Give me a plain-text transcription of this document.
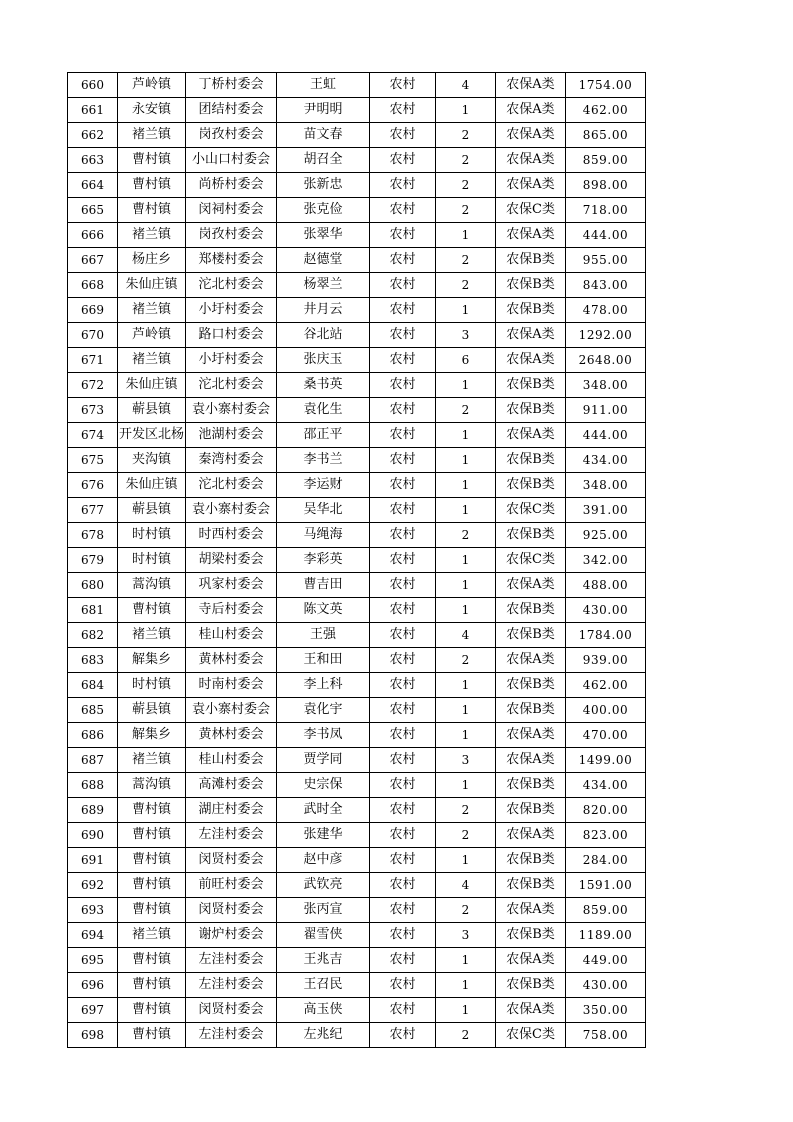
660	芦岭镇	丁桥村委会	王虹	农村	4	农保A类	1754.00
661	永安镇	团结村委会	尹明明	农村	1	农保A类	462.00
662	褚兰镇	岗孜村委会	苗文春	农村	2	农保A类	865.00
663	曹村镇	小山口村委会	胡召全	农村	2	农保A类	859.00
664	曹村镇	尚桥村委会	张新忠	农村	2	农保A类	898.00
665	曹村镇	闵祠村委会	张克俭	农村	2	农保C类	718.00
666	褚兰镇	岗孜村委会	张翠华	农村	1	农保A类	444.00
667	杨庄乡	郑楼村委会	赵德堂	农村	2	农保B类	955.00
668	朱仙庄镇	沱北村委会	杨翠兰	农村	2	农保B类	843.00
669	褚兰镇	小圩村委会	井月云	农村	1	农保B类	478.00
670	芦岭镇	路口村委会	谷北站	农村	3	农保A类	1292.00
671	褚兰镇	小圩村委会	张庆玉	农村	6	农保A类	2648.00
672	朱仙庄镇	沱北村委会	桑书英	农村	1	农保B类	348.00
673	蕲县镇	袁小寨村委会	袁化生	农村	2	农保B类	911.00
674	开发区北杨	池湖村委会	邵正平	农村	1	农保A类	444.00
675	夹沟镇	秦湾村委会	李书兰	农村	1	农保B类	434.00
676	朱仙庄镇	沱北村委会	李运财	农村	1	农保B类	348.00
677	蕲县镇	袁小寨村委会	吴华北	农村	1	农保C类	391.00
678	时村镇	时西村委会	马绳海	农村	2	农保B类	925.00
679	时村镇	胡梁村委会	李彩英	农村	1	农保C类	342.00
680	蒿沟镇	巩家村委会	曹吉田	农村	1	农保A类	488.00
681	曹村镇	寺后村委会	陈文英	农村	1	农保B类	430.00
682	褚兰镇	桂山村委会	王强	农村	4	农保B类	1784.00
683	解集乡	黄林村委会	王和田	农村	2	农保A类	939.00
684	时村镇	时南村委会	李上科	农村	1	农保B类	462.00
685	蕲县镇	袁小寨村委会	袁化宇	农村	1	农保B类	400.00
686	解集乡	黄林村委会	李书凤	农村	1	农保A类	470.00
687	褚兰镇	桂山村委会	贾学同	农村	3	农保A类	1499.00
688	蒿沟镇	高滩村委会	史宗保	农村	1	农保B类	434.00
689	曹村镇	湖庄村委会	武时全	农村	2	农保B类	820.00
690	曹村镇	左洼村委会	张建华	农村	2	农保A类	823.00
691	曹村镇	闵贤村委会	赵中彦	农村	1	农保B类	284.00
692	曹村镇	前旺村委会	武钦亮	农村	4	农保B类	1591.00
693	曹村镇	闵贤村委会	张丙宣	农村	2	农保A类	859.00
694	褚兰镇	谢炉村委会	翟雪侠	农村	3	农保B类	1189.00
695	曹村镇	左洼村委会	王兆吉	农村	1	农保A类	449.00
696	曹村镇	左洼村委会	王召民	农村	1	农保B类	430.00
697	曹村镇	闵贤村委会	高玉侠	农村	1	农保A类	350.00
698	曹村镇	左洼村委会	左兆纪	农村	2	农保C类	758.00
